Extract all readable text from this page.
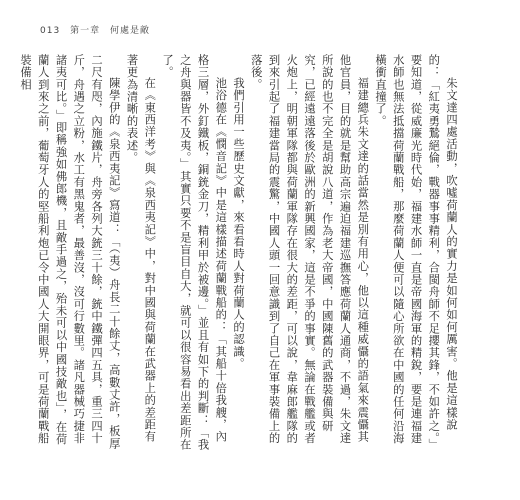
013 第一章 何處是敵

朱文達四處活動，吹噓荷蘭人的實力是如何如何厲害。他是這樣說的：「紅夷勇鷙絕倫，戰器事事精利，合閩舟師不足攖其鋒，不如許之。」要知道，從威廉光時代始，福建水師一直是帝國海軍的精銳，要是連福建水師也無法抵擋荷蘭戰船，那麼荷蘭人便可以隨心所欲在中國的任何沿海橫衝直撞了。

福建總兵朱文達的話當然是別有用心，他以這種威懾的語氣來震懾其他官員，目的就是幫助高宗遍迫福建巡撫答應荷蘭人通商，不過，朱文達所說的也不完全是胡說八道，作為老大帝國，中國陳舊的武器裝備與研究，已經遠遠落後於歐洲的新興國家，這是不爭的事實。無論在戰艦或者火炮上，明朝軍隊都與荷蘭軍隊存在很大的差距，可以說，韋麻郎艦隊的到來引起了福建當局的震驚，中國人頭一回意識到了自己在軍事裝備上的落後。

我們引用一些歷史文獻，來看看時人對荷蘭人的認識。

池浴德在《憫音記》中是這樣描述荷蘭戰船的：「其船十倍我艘，內格三層，外釘鐵板，銅銃金刀，精利甲於被邊。」並且有如下的判斷：「我之舟與器皆不及夷。」其實只要不是盲目自大，就可以很容易看出差距所在了。

在《東西洋考》與《泉西夷記》中，對中國與荷蘭在武器上的差距有著更為清晰的表述。

陳學伊的《泉西夷記》寫道：「（夷）舟長二十餘丈，高數丈許，板厚二尺有咫，內施鐵片，舟旁各列大銃三十餘，銃中鐵彈四五具，重三四十斤，舟遇之立粉，水工有黑鬼者，最善沒，沒可行數里。諸凡器械巧捷非諸夷可比。」即稱強如佛郎機，且敵手過之，殆未可以中國技敵也」，在荷蘭人到來之前，葡萄牙人的堅船利炮已令中國人大開眼界，可是荷蘭戰船裝備相
